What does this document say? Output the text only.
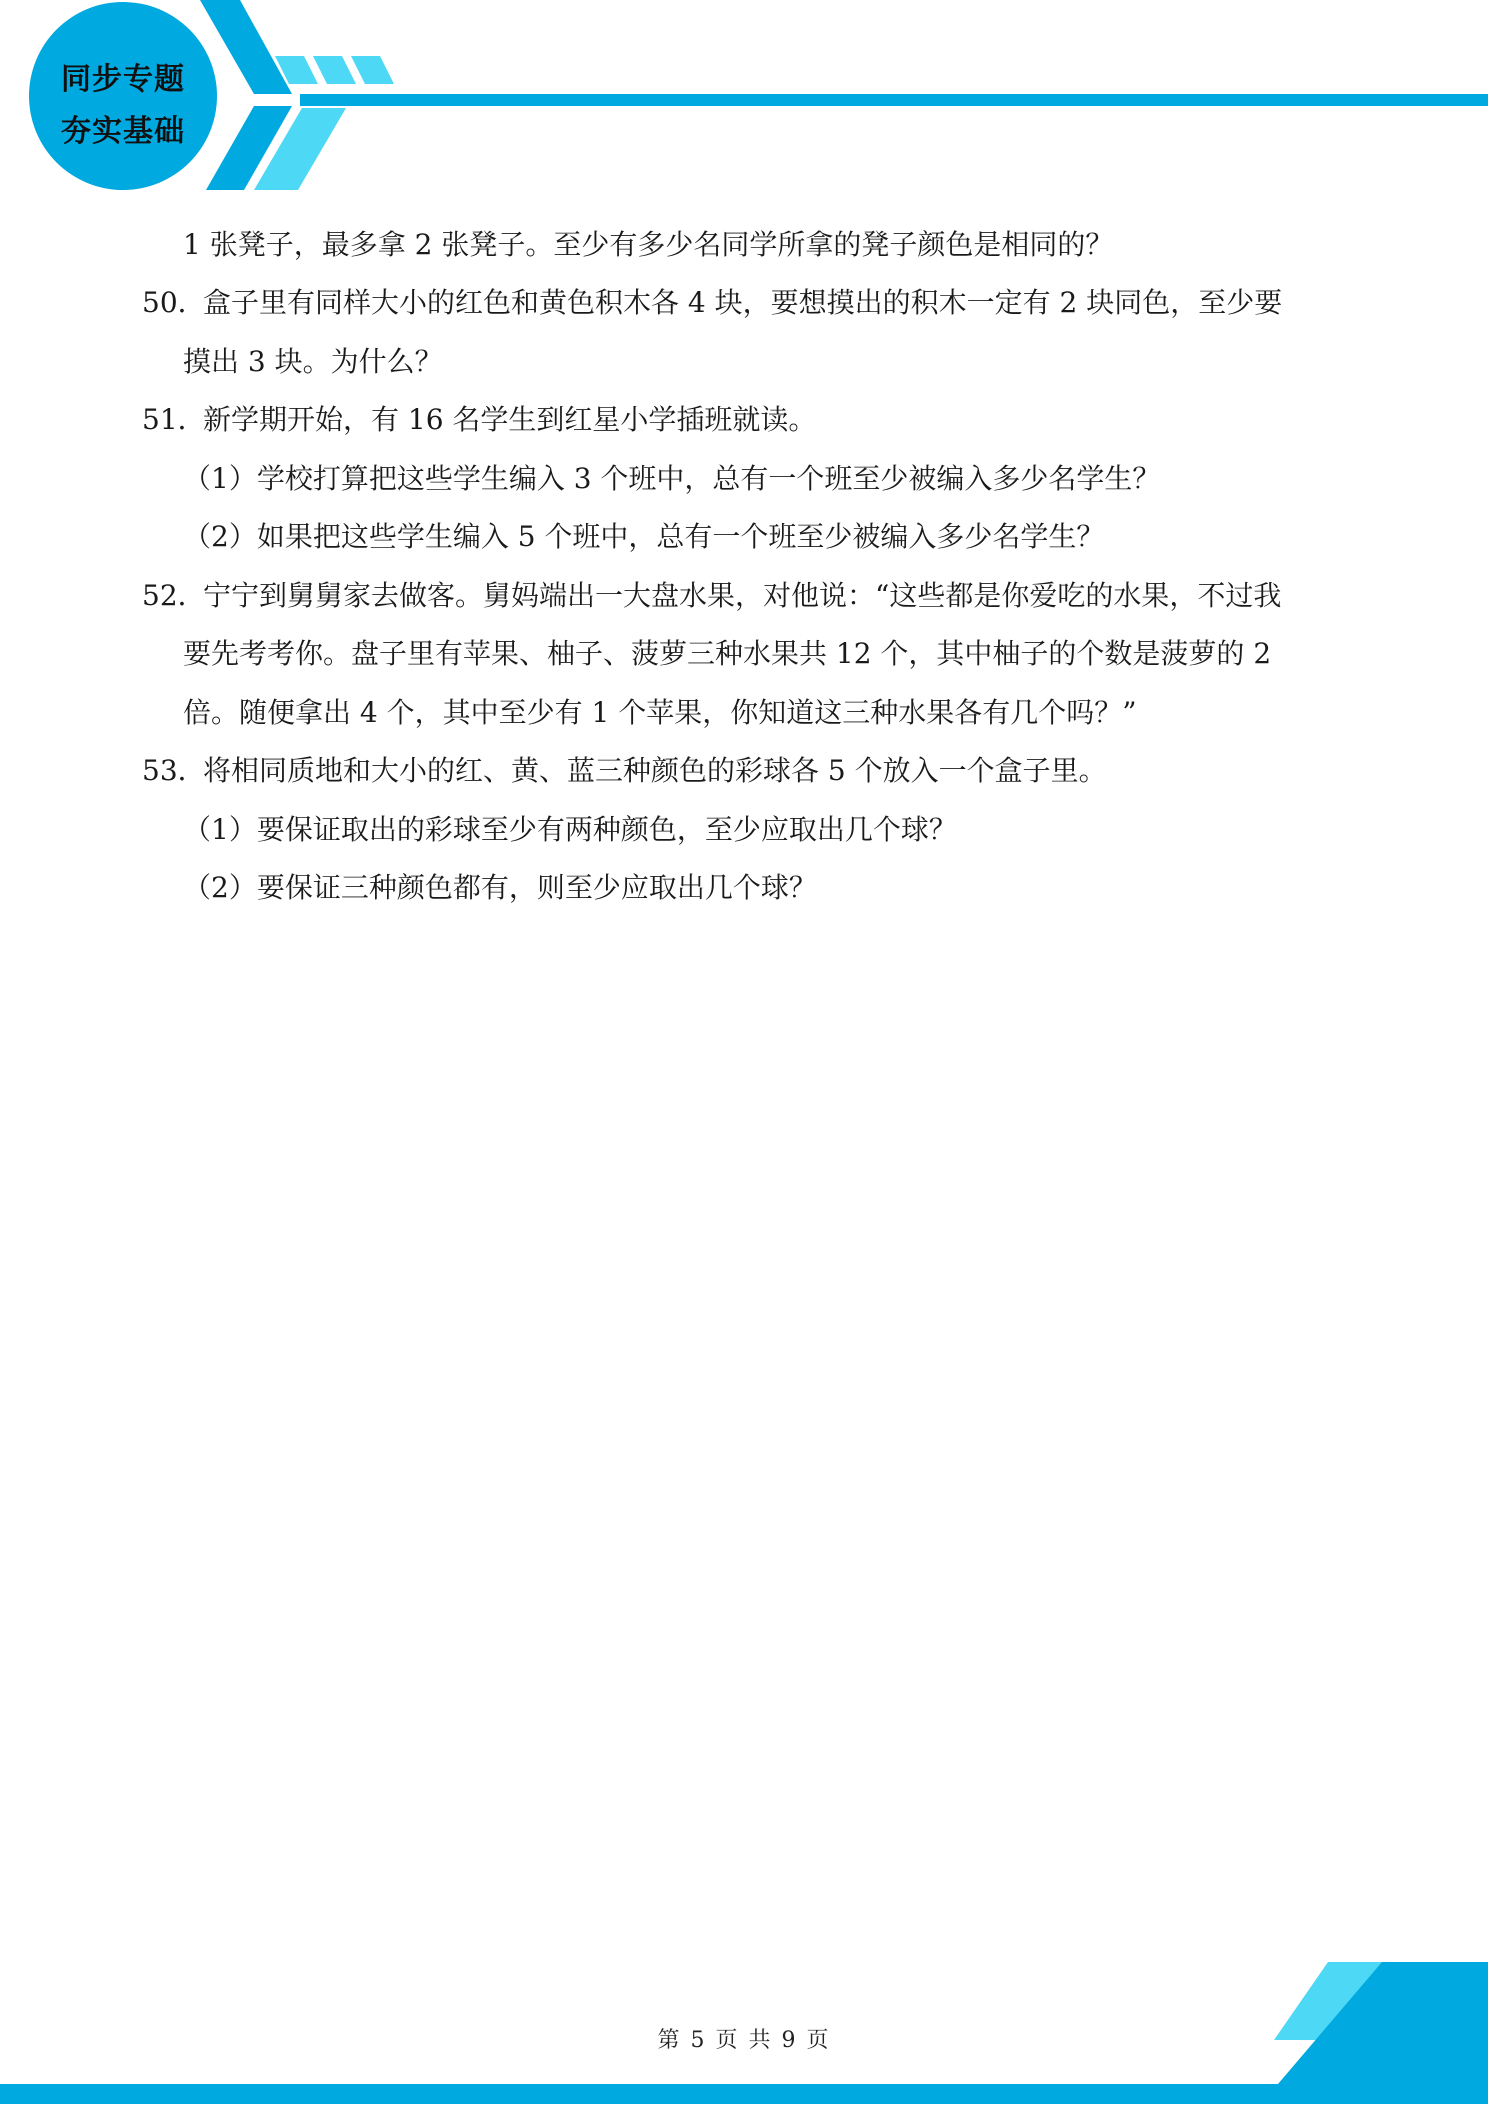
同步专题
夯实基础
1 张凳子，最多拿 2 张凳子。至少有多少名同学所拿的凳子颜色是相同的？
50．
盒子里有同样大小的红色和黄色积木各 4 块，要想摸出的积木一定有 2 块同色，至少要
摸出 3 块。为什么？
51．
新学期开始，有 16 名学生到红星小学插班就读。
（1）学校打算把这些学生编入 3 个班中，总有一个班至少被编入多少名学生？
（2）如果把这些学生编入 5 个班中，总有一个班至少被编入多少名学生？
52．
宁宁到舅舅家去做客。舅妈端出一大盘水果，对他说：“这些都是你爱吃的水果，不过我
要先考考你。盘子里有苹果、柚子、菠萝三种水果共 12 个，其中柚子的个数是菠萝的 2
倍。随便拿出 4 个，其中至少有 1 个苹果，你知道这三种水果各有几个吗？”
53．
将相同质地和大小的红、黄、蓝三种颜色的彩球各 5 个放入一个盒子里。
（1）要保证取出的彩球至少有两种颜色，至少应取出几个球？
（2）要保证三种颜色都有，则至少应取出几个球？
第 5 页 共 9 页
